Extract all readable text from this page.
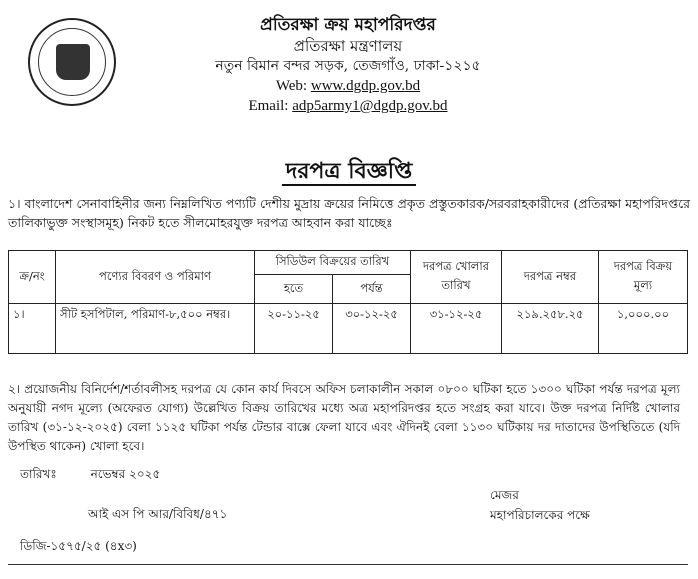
প্রতিরক্ষা ক্রয় মহাপরিদপ্তর
প্রতিরক্ষা মন্ত্রণালয়
নতুন বিমান বন্দর সড়ক, তেজগাঁও, ঢাকা-১২১৫
Web: www.dgdp.gov.bd
Email: adp5army1@dgdp.gov.bd
দরপত্র বিজ্ঞপ্তি
১। বাংলাদেশ সেনাবাহিনীর জন্য নিম্নলিখিত পণ্যটি দেশীয় মুদ্রায় ক্রয়ের নিমিত্তে প্রকৃত প্রস্তুতকারক/সরবরাহকারীদের (প্রতিরক্ষা মহাপরিদপ্তরে তালিকাভুক্ত সংস্থাসমূহ) নিকট হতে সীলমোহরযুক্ত দরপত্র আহবান করা যাচ্ছেঃ
ক্র/নং	পণ্যের বিবরণ ও পরিমাণ	সিডিউল বিক্রয়ের তারিখ		দরপত্র খোলার তারিখ	দরপত্র নম্বর	দরপত্র বিক্রয় মূল্য
		হতে	পর্যন্ত			
১।	সীট হসপিটাল, পরিমাণ-৮,৫০০ নম্বর।	২০-১১-২৫	৩০-১২-২৫	৩১-১২-২৫	২১৯.২৫৮.২৫	১,০০০.০০
২। প্রয়োজনীয় বিনির্দেশ/শর্তাবলীসহ দরপত্র যে কোন কার্য দিবসে অফিস চলাকালীন সকাল ০৮০০ ঘটিকা হতে ১৩০০ ঘটিকা পর্যন্ত দরপত্র মূল্য অনুযায়ী নগদ মূল্যে (অফেরত যোগ্য) উল্লেখিত বিক্রয় তারিখের মধ্যে অত্র মহাপরিদপ্তর হতে সংগ্রহ করা যাবে। উক্ত দরপত্র নির্দিষ্ট খোলার তারিখ (৩১-১২-২০২৫) বেলা ১১২৫ ঘটিকা পর্যন্ত টেন্ডার বাক্সে ফেলা যাবে এবং ঐদিনই বেলা ১১৩০ ঘটিকায় দর দাতাদের উপস্থিতিতে (যদি উপস্থিত থাকেন) খোলা হবে।
তারিখঃ	নভেম্বর ২০২৫
মেজর
মহাপরিচালকের পক্ষে
আই এস পি আর/বিবিধ/৪৭১
ডিজি-১৫৭৫/২৫ (৪x৩)
